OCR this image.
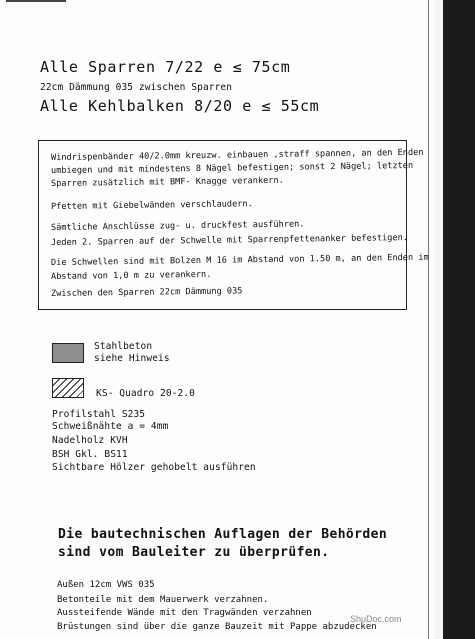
Alle Sparren 7/22 e ≤ 75cm
22cm Dämmung 035 zwischen Sparren
Alle Kehlbalken 8/20 e ≤ 55cm
Windrispenbänder 40/2.0mm kreuzw. einbauen ,straff spannen, an den Enden
umbiegen und mit mindestens 8 Nägel befestigen; sonst 2 Nägel; letzten
Sparren zusätzlich mit BMF- Knagge verankern.
Pfetten mit Giebelwänden verschlaudern.
Sämtliche Anschlüsse zug- u. druckfest ausführen.
Jeden 2. Sparren auf der Schwelle mit Sparrenpfettenanker befestigen.
Die Schwellen sind mit Bolzen M 16 im Abstand von 1.50 m, an den Enden im
Abstand von 1,0 m zu verankern.
Zwischen den Sparren 22cm Dämmung 035
Stahlbeton
siehe Hinweis
KS- Quadro 20-2.0
Profilstahl S235
Schweißnähte a = 4mm
Nadelholz KVH
BSH Gkl. BS11
Sichtbare Hölzer gehobelt ausführen
Die bautechnischen Auflagen der Behörden
sind vom Bauleiter zu überprüfen.
Außen 12cm VWS 035
Betonteile mit dem Mauerwerk verzahnen.
Aussteifende Wände mit den Tragwänden verzahnen
Brüstungen sind über die ganze Bauzeit mit Pappe abzudecken
ShuDoc.com
